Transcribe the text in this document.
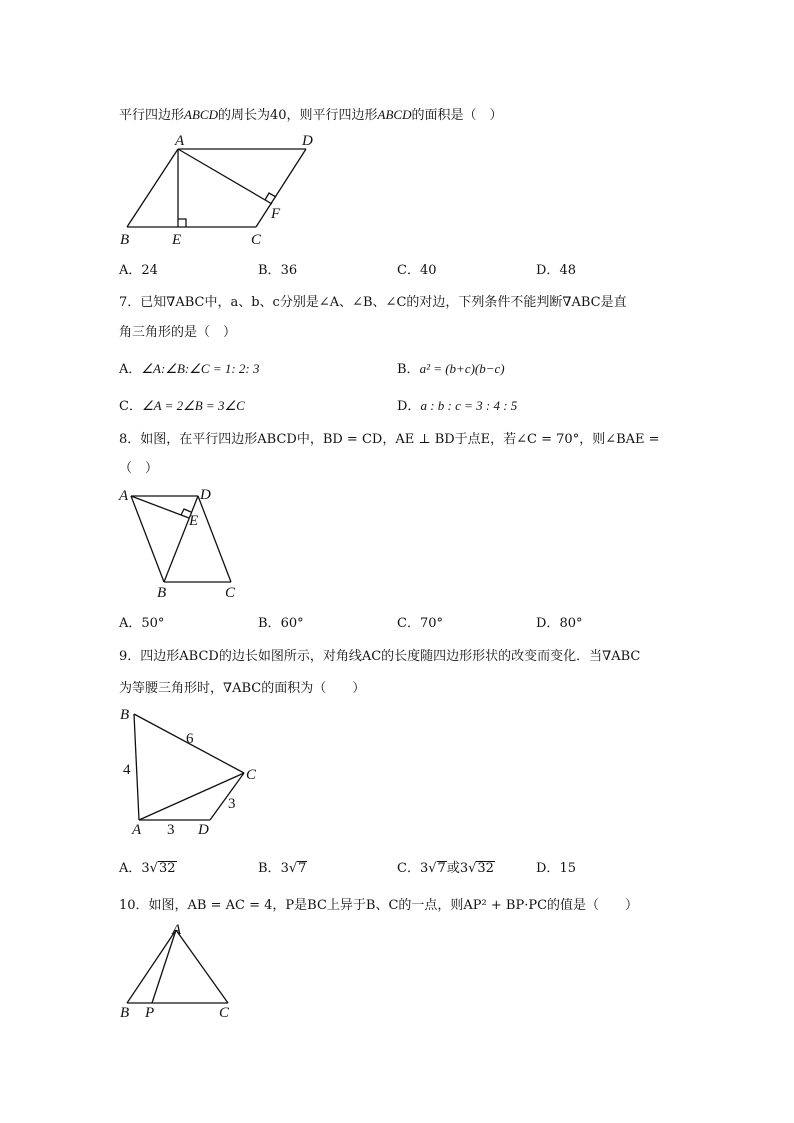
平行四边形ABCD的周长为40，则平行四边形ABCD的面积是（　）
A	D
B	E	C
F
A．24	B．36	C．40	D．48
7．已知∇ABC中，a、b、c分别是∠A、∠B、∠C的对边，下列条件不能判断∇ABC是直
角三角形的是（　）
A．∠A:∠B:∠C = 1: 2: 3	B．a² = (b+c)(b−c)
C．∠A = 2∠B = 3∠C	D．a : b : c = 3 : 4 : 5
8．如图，在平行四边形ABCD中，BD = CD，AE ⊥ BD于点E，若∠C = 70°，则∠BAE =
（　）
A	D
E
B	C
A．50°	B．60°	C．70°	D．80°
9．四边形ABCD的边长如图所示，对角线AC的长度随四边形形状的改变而变化．当∇ABC
为等腰三角形时，∇ABC的面积为（　　）
B
C
A	D
4
6
3
3
A．3√32	B．3√7	C．3√7或3√32	D．15
10．如图，AB = AC = 4，P是BC上异于B、C的一点，则AP² + BP·PC的值是（　　）
A
B P	C
